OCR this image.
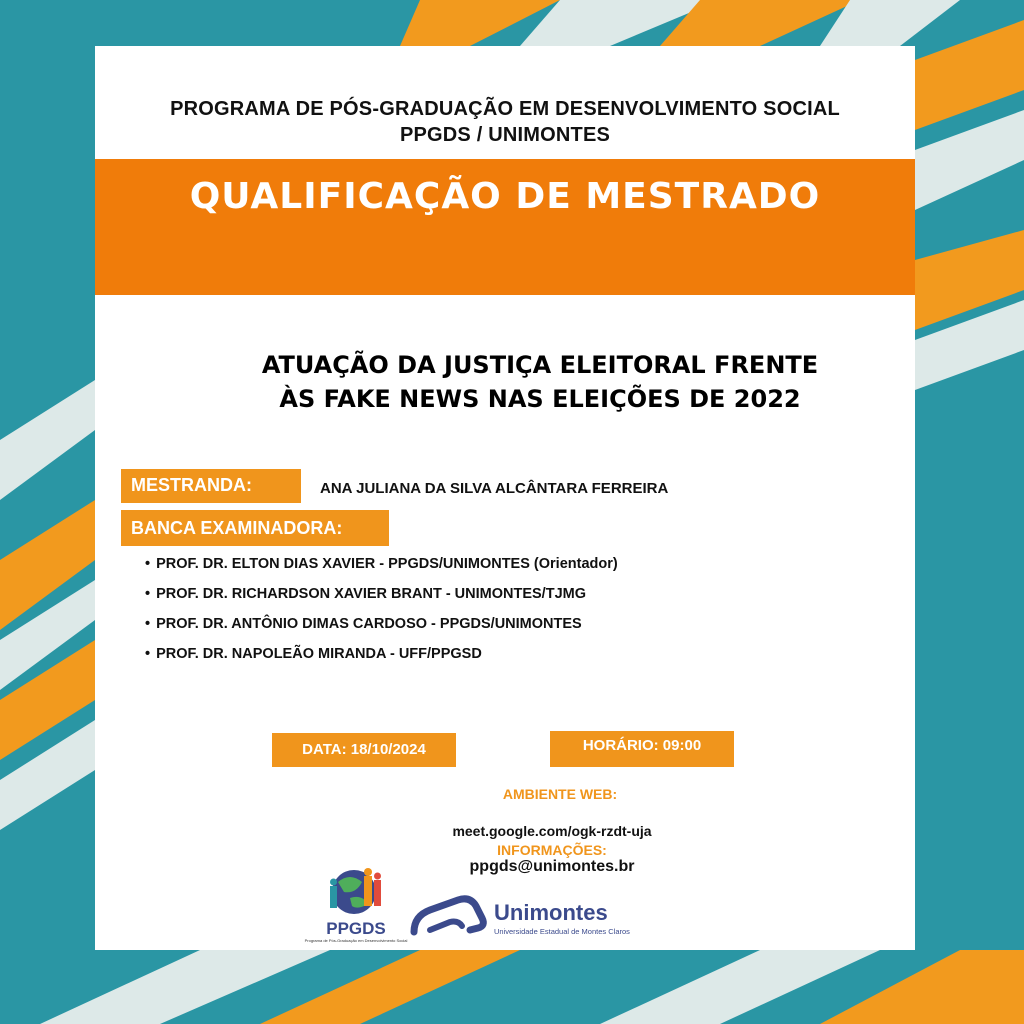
PROGRAMA DE PÓS-GRADUAÇÃO EM DESENVOLVIMENTO SOCIAL
PPGDS / UNIMONTES
QUALIFICAÇÃO DE MESTRADO
ATUAÇÃO DA JUSTIÇA ELEITORAL FRENTE
ÀS FAKE NEWS NAS ELEIÇÕES DE 2022
MESTRANDA:	ANA JULIANA DA SILVA ALCÂNTARA FERREIRA
BANCA EXAMINADORA:
• PROF. DR. ELTON DIAS XAVIER - PPGDS/UNIMONTES (Orientador)
• PROF. DR. RICHARDSON XAVIER BRANT - UNIMONTES/TJMG
• PROF. DR. ANTÔNIO DIMAS CARDOSO - PPGDS/UNIMONTES
• PROF. DR. NAPOLEÃO MIRANDA - UFF/PPGSD
DATA: 18/10/2024	HORÁRIO: 09:00
AMBIENTE WEB:
meet.google.com/ogk-rzdt-uja
INFORMAÇÕES:
ppgds@unimontes.br
PPGDS
Programa de Pós-Graduação em Desenvolvimento Social
Unimontes
Universidade Estadual de Montes Claros
